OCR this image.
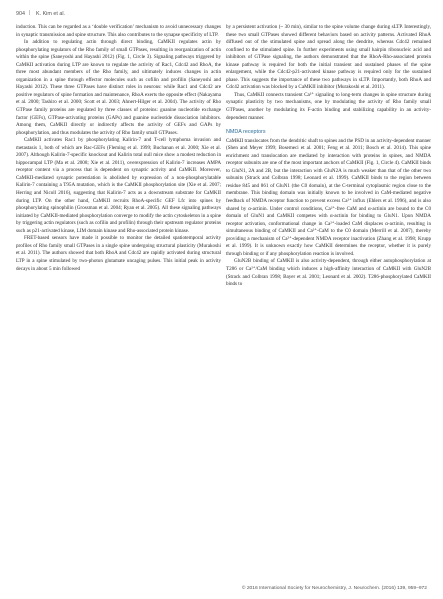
904 | K. Kim et al.

induction. This can be regarded as a ‘double verification’ mechanism to avoid unnecessary changes in synaptic transmission and spine structure. This also contributes to the synapse specificity of LTP.

In addition to regulating actin through direct binding, CaMKII regulates actin by phosphorylating regulators of the Rho family of small GTPases, resulting in reorganization of actin within the spine (Saneyoshi and Hayashi 2012) (Fig. 1, Circle 3). Signaling pathways triggered by CaMKII activation during LTP are known to regulate the activity of Rac1, Cdc42 and RhoA, the three most abundant members of the Rho family, and ultimately induces changes in actin organization in a spine through effector molecules such as cofilin and profilin (Saneyoshi and Hayashi 2012). These three GTPases have distinct roles in neurons: while Rac1 and Cdc42 are positive regulators of spine formation and maintenance, RhoA exerts the opposite effect (Nakayama et al. 2000; Tashiro et al. 2000; Scott et al. 2003; Ahnert-Hilger et al. 2004). The activity of Rho GTPase family proteins are regulated by three classes of proteins: guanine nucleotide exchange factor (GEFs), GTPase-activating proteins (GAPs) and guanine nucleotide dissociation inhibitors. Among them, CaMKII directly or indirectly affects the activity of GEFs and GAPs by phosphorylation, and thus modulates the activity of Rho family small GTPases.

CaMKII activates Rac1 by phosphorylating Kalirin-7 and T-cell lymphoma invasion and metastasis 1, both of which are Rac-GEFs (Fleming et al. 1999; Buchanan et al. 2000; Xie et al. 2007). Although Kalirin-7-specific knockout and Kalirin total null mice show a modest reduction in hippocampal LTP (Ma et al. 2008; Xie et al. 2011), overexpression of Kalirin-7 increases AMPA receptor content via a process that is dependent on synaptic activity and CaMKII. Moreover, CaMKII-mediated synaptic potentiation is abolished by expression of a non-phosphorylatable Kalirin-7 containing a T95A mutation, which is the CaMKII phosphorylation site (Xie et al. 2007; Herring and Nicoll 2016), suggesting that Kalirin-7 acts as a downstream substrate for CaMKII during LTP. On the other hand, CaMKII recruits RhoA-specific GEF Lfc into spines by phosphorylating spinophilin (Grossman et al. 2004; Ryan et al. 2005). All these signaling pathways initiated by CaMKII-mediated phosphorylation converge to modify the actin cytoskeleton in a spine by triggering actin regulators (such as cofilin and profilin) through their upstream regulator proteins such as p21-activated kinase, LIM domain kinase and Rho-associated protein kinase.

FRET-based sensors have made it possible to monitor the detailed spatiotemporal activity profiles of Rho family small GTPases in a single spine undergoing structural plasticity (Murakoshi et al. 2011). The authors showed that both RhoA and Cdc42 are rapidly activated during structural LTP in a spine stimulated by two-photon glutamate uncaging pulses. This initial peak in activity decays in about 5 min followed

by a persistent activation (~ 30 min), similar to the spine volume change during sLTP. Interestingly, these two small GTPases showed different behaviors based on activity patterns. Activated RhoA diffused out of the stimulated spine and spread along the dendrite, whereas Cdc42 remained confined to the stimulated spine. In further experiments using small hairpin ribonucleic acid and inhibitors of GTPase signaling, the authors demonstrated that the RhoA-Rho-associated protein kinase pathway is required for both the initial transient and sustained phases of the spine enlargement, while the Cdc42-p21-activated kinase pathway is required only for the sustained phase. This suggests the importance of these two pathways in sLTP. Importantly, both RhoA and Cdc42 activation was blocked by a CaMKII inhibitor (Murakoshi et al. 2011).

Thus, CaMKII connects transient Ca²⁺ signaling to long-term changes in spine structure during synaptic plasticity by two mechanisms, one by modulating the activity of Rho family small GTPases, another by modulating its F-actin binding and stabilizing capability in an activity-dependent manner.

NMDA receptors

CaMKII translocates from the dendritic shaft to spines and the PSD in an activity-dependent manner (Shen and Meyer 1999; Bosemeci et al. 2001; Feng et al. 2011; Bosch et al. 2014). This spine enrichment and translocation are mediated by interaction with proteins in spines, and NMDA receptor subunits are one of the most important anchors of CaMKII (Fig. 1, Circle 4). CaMKII binds to GluN1, 2A and 2B, but the interaction with GluN2A is much weaker than that of the other two subunits (Strack and Colbran 1998; Leonard et al. 1999). CaMKII binds to the region between residue 845 and 861 of GluN1 (the C0 domain), at the C-terminal cytoplasmic region close to the membrane. This binding domain was initially known to be involved in CaM-mediated negative feedback of NMDA receptor function to prevent excess Ca²⁺ influx (Ehlers et al. 1996), and is also shared by α-actinin. Under control conditions, Ca²⁺-free CaM and α-actinin are bound to the C0 domain of GluN1 and CaMKII competes with α-actinin for binding to GluN1. Upon NMDA receptor activation, conformational change in Ca²⁺-loaded CaM displaces α-actinin, resulting in simultaneous binding of CaMKII and Ca²⁺-CaM to the C0 domain (Merrill et al. 2007), thereby providing a mechanism of Ca²⁺-dependent NMDA receptor inactivation (Zhang et al. 1998; Krupp et al. 1999). It is unknown exactly how CaMKII determines the receptor, whether it is purely through binding or if any phosphorylation reaction is involved.

GluN2B binding of CaMKII is also activity-dependent, through either autophosphorylation at T286 or Ca²⁺/CaM binding which induces a high-affinity interaction of CaMKII with GluN2B (Strack and Colbran 1998; Bayer et al. 2001; Leonard et al. 2002). T286-phosphorylated CaMKII binds to

© 2016 International Society for Neurochemistry, J. Neurochem. (2016) 139, 959–972
